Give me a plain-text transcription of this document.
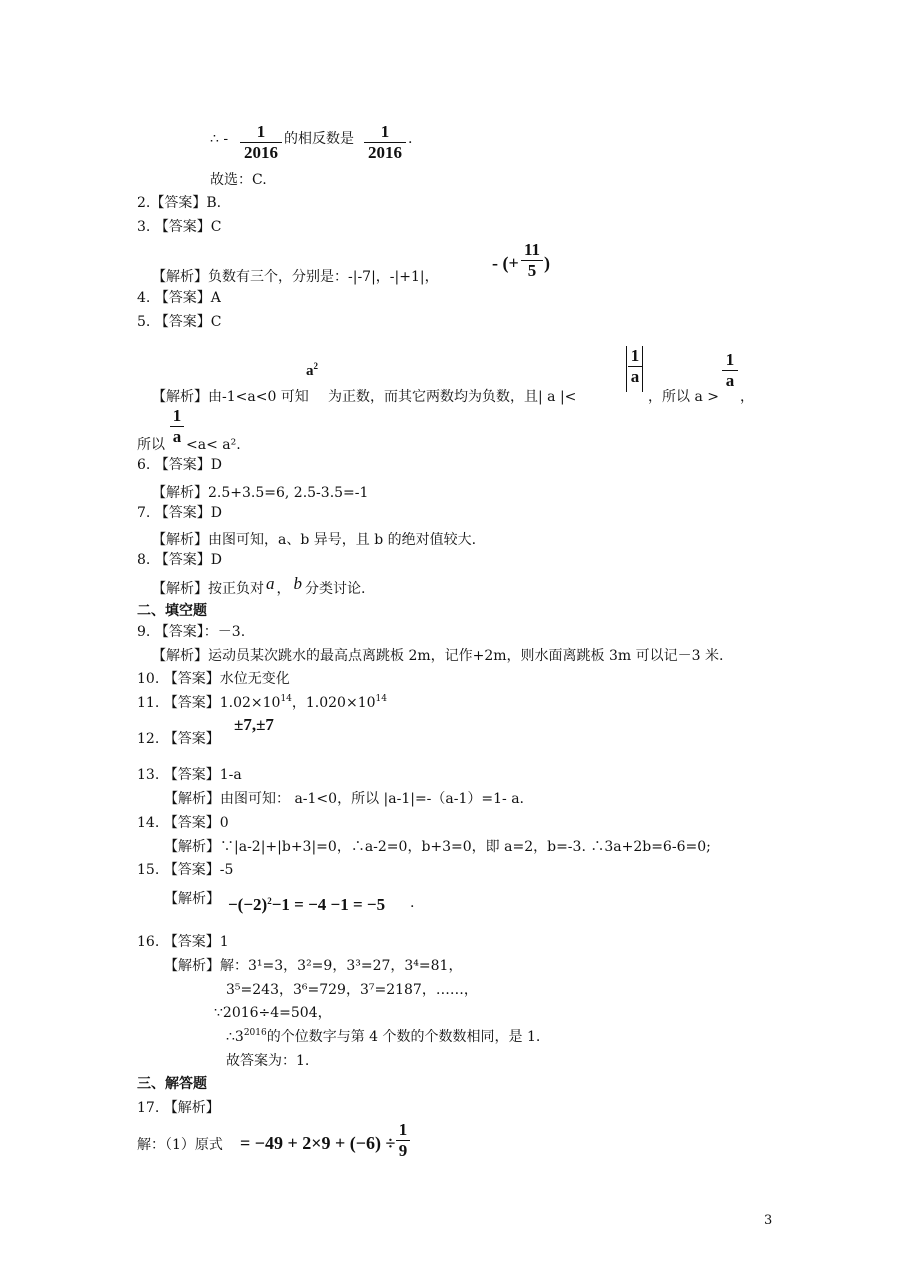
∴ -	1
2016
的相反数是	1
2016
.
故选：C.
2.【答案】B.
3. 【答案】C
【解析】负数有三个，分别是：-|-7|，-|+1|，
- (+
11
5 )
4. 【答案】A
5. 【答案】C
$a^2$
【解析】由-1<a<0 可知 为正数，而其它两数均为负数，且| a |<
1
a
，所以 a >
1
a
，
所以
1
a <a< a².
6. 【答案】D
【解析】2.5+3.5=6, 2.5-3.5=-1
7. 【答案】D
【解析】由图可知，a、b 异号，且 b 的绝对值较大.
8. 【答案】D
【解析】按正负对 a ， b 分类讨论.
二、填空题
9. 【答案】：－3.
【解析】运动员某次跳水的最高点离跳板 2m，记作+2m，则水面离跳板 3m 可以记－3 米.
10. 【答案】水位无变化
11. 【答案】$1.02\times 10^{14}$，$1.020\times 10^{14}$
12. 【答案】
±7,±7
13. 【答案】1-a
【解析】由图可知： a-1<0，所以 |a-1|=-（a-1）=1- a.
14. 【答案】0
【解析】∵|a-2|+|b+3|=0，∴a-2=0，b+3=0，即 a=2，b=-3. ∴3a+2b=6-6=0;
15. 【答案】-5
【解析】 $-(-2)^2-1 = -4 -1 = -5$ .
16. 【答案】1
【解析】解：3¹=3，3²=9，3³=27，3⁴=81，
3⁵=243，3⁶=729，3⁷=2187，……，
∵2016÷4=504，
$\therefore 3^{2016}$的个位数字与第 4 个数的个数数相同，是 1.
故答案为：1.
三、解答题
17. 【解析】
解：（1）原式 = −49 + 2×9 + (−6) ÷
1
9
3
